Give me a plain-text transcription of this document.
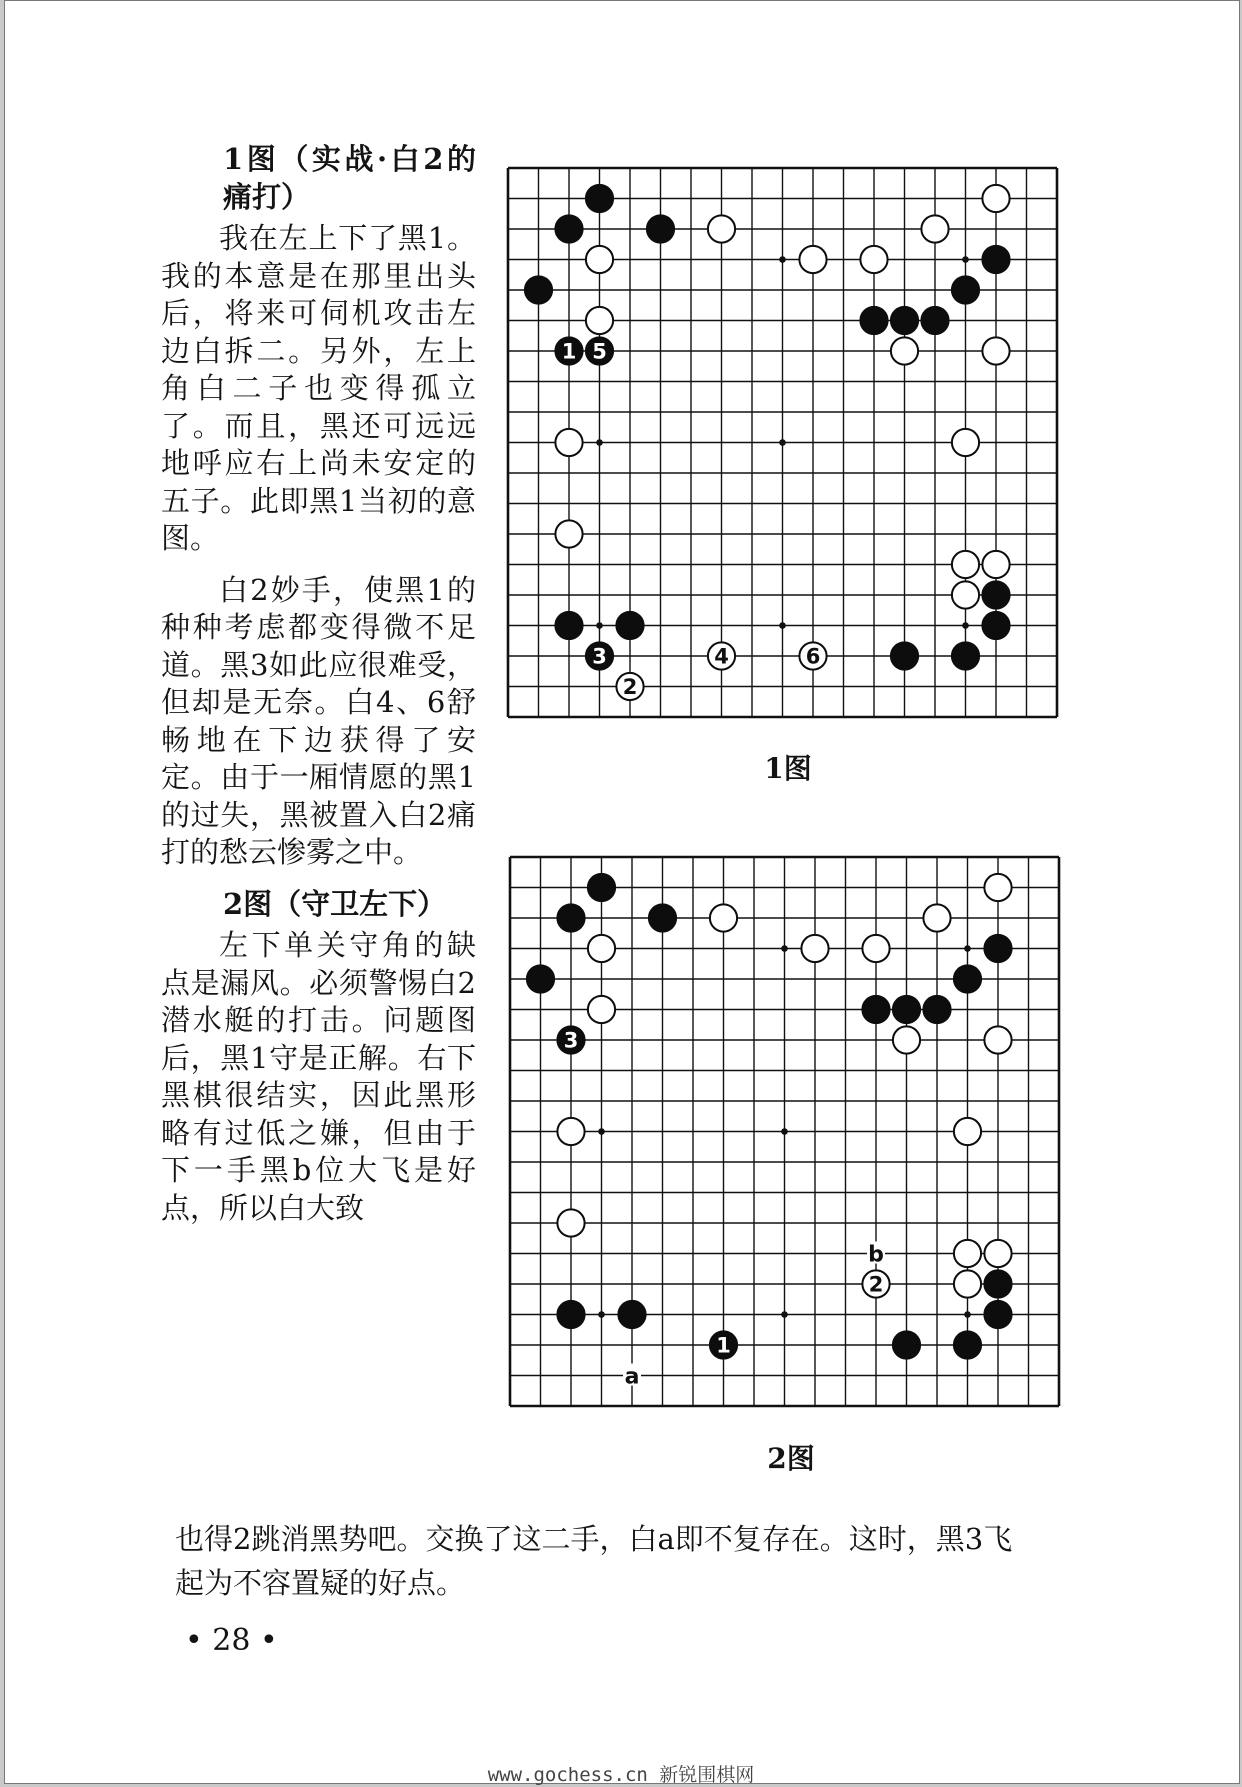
1图（实战·白2的痛打）

我在左上下了黑1。我的本意是在那里出头后，将来可伺机攻击左边白拆二。另外，左上角白二子也变得孤立了。而且，黑还可远远地呼应右上尚未安定的五子。此即黑1当初的意图。

白2妙手，使黑1的种种考虑都变得微不足道。黑3如此应很难受，但却是无奈。白4、6舒畅地在下边获得了安定。由于一厢情愿的黑1的过失，黑被置入白2痛打的愁云惨雾之中。

2图（守卫左下）

左下单关守角的缺点是漏风。必须警惕白2潜水艇的打击。问题图后，黑1守是正解。右下黑棋很结实，因此黑形略有过低之嫌，但由于下一手黑b位大飞是好点，所以白大致

1 5
3	4	6
2
1图
b
a
3
2
1
2图
也得2跳消黑势吧。交换了这二手，白a即不复存在。这时，黑3飞
起为不容置疑的好点。
• 28 •
www.gochess.cn 新锐围棋网
